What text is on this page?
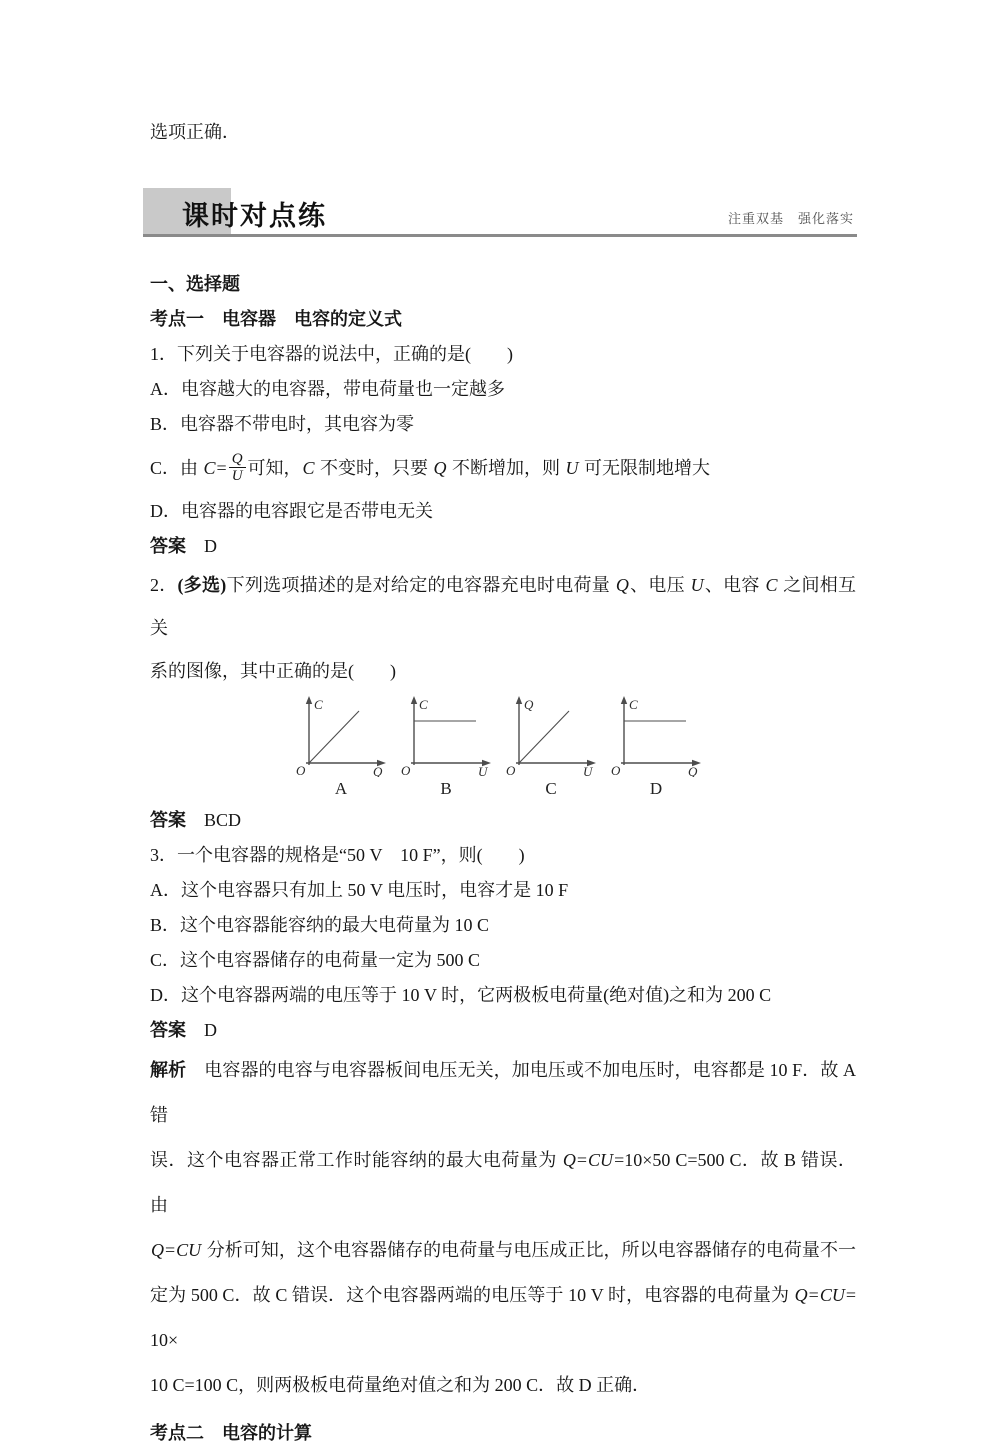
选项正确．

课时对点练	注重双基　强化落实

一、选择题

考点一　电容器　电容的定义式

1．下列关于电容器的说法中，正确的是(　　)

A．电容越大的电容器，带电荷量也一定越多

B．电容器不带电时，其电容为零

C．由 $C= \frac{Q}{U}$ 可知，C 不变时，只要 Q 不断增加，则 U 可无限制地增大

D．电容器的电容跟它是否带电无关

答案　D

2．(多选)下列选项描述的是对给定的电容器充电时电荷量 Q、电压 U、电容 C 之间相互关

系的图像，其中正确的是(　　)

O
C
Q
A
O
C
U
B
O
Q
U
C
O
C
Q
D

答案　BCD

3．一个电容器的规格是“50 V　10 F”，则(　　)

A．这个电容器只有加上 50 V 电压时，电容才是 10 F

B．这个电容器能容纳的最大电荷量为 10 C

C．这个电容器储存的电荷量一定为 500 C

D．这个电容器两端的电压等于 10 V 时，它两极板电荷量(绝对值)之和为 200 C

答案　D

解析　电容器的电容与电容器板间电压无关，加电压或不加电压时，电容都是 10 F．故 A 错

误．这个电容器正常工作时能容纳的最大电荷量为 Q=CU=10×50 C=500 C．故 B 错误．由

Q=CU 分析可知，这个电容器储存的电荷量与电压成正比，所以电容器储存的电荷量不一

定为 500 C．故 C 错误．这个电容器两端的电压等于 10 V 时，电容器的电荷量为 Q=CU=

10×

10 C=100 C，则两极板电荷量绝对值之和为 200 C．故 D 正确．

考点二　电容的计算
